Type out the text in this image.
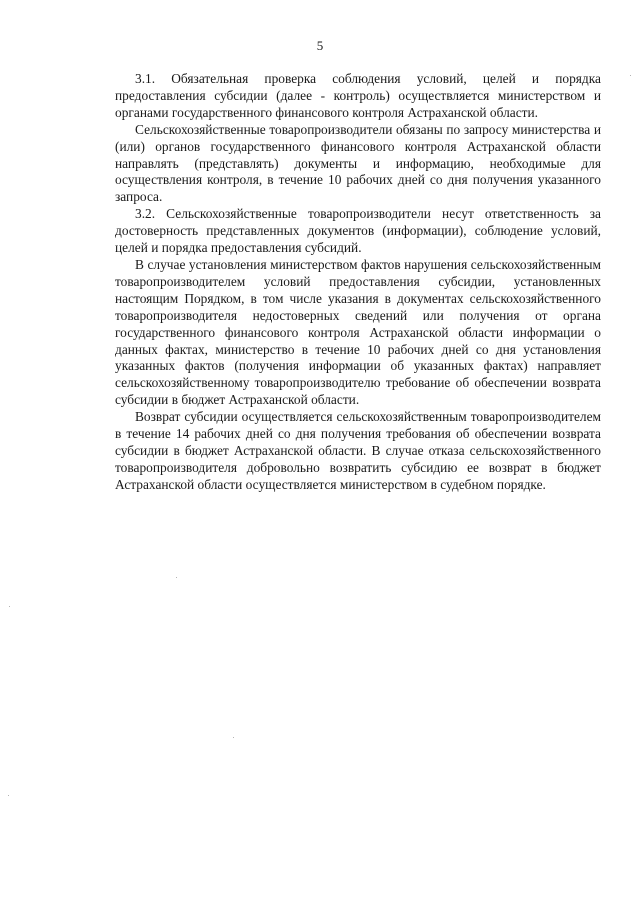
5

3.1. Обязательная проверка соблюдения условий, целей и порядка предоставления субсидии (далее - контроль) осуществляется министерством и органами государственного финансового контроля Астраханской области.

Сельскохозяйственные товаропроизводители обязаны по запросу министерства и (или) органов государственного финансового контроля Астраханской области направлять (представлять) документы и информацию, необходимые для осуществления контроля, в течение 10 рабочих дней со дня получения указанного запроса.

3.2. Сельскохозяйственные товаропроизводители несут ответственность за достоверность представленных документов (информации), соблюдение условий, целей и порядка предоставления субсидий.

В случае установления министерством фактов нарушения сельскохозяйственным товаропроизводителем условий предоставления субсидии, установленных настоящим Порядком, в том числе указания в документах сельскохозяйственного товаропроизводителя недостоверных сведений или получения от органа государственного финансового контроля Астраханской области информации о данных фактах, министерство в течение 10 рабочих дней со дня установления указанных фактов (получения информации об указанных фактах) направляет сельскохозяйственному товаропроизводителю требование об обеспечении возврата субсидии в бюджет Астраханской области.

Возврат субсидии осуществляется сельскохозяйственным товаропроизводителем в течение 14 рабочих дней со дня получения требования об обеспечении возврата субсидии в бюджет Астраханской области. В случае отказа сельскохозяйственного товаропроизводителя добровольно возвратить субсидию ее возврат в бюджет Астраханской области осуществляется министерством в судебном порядке.
